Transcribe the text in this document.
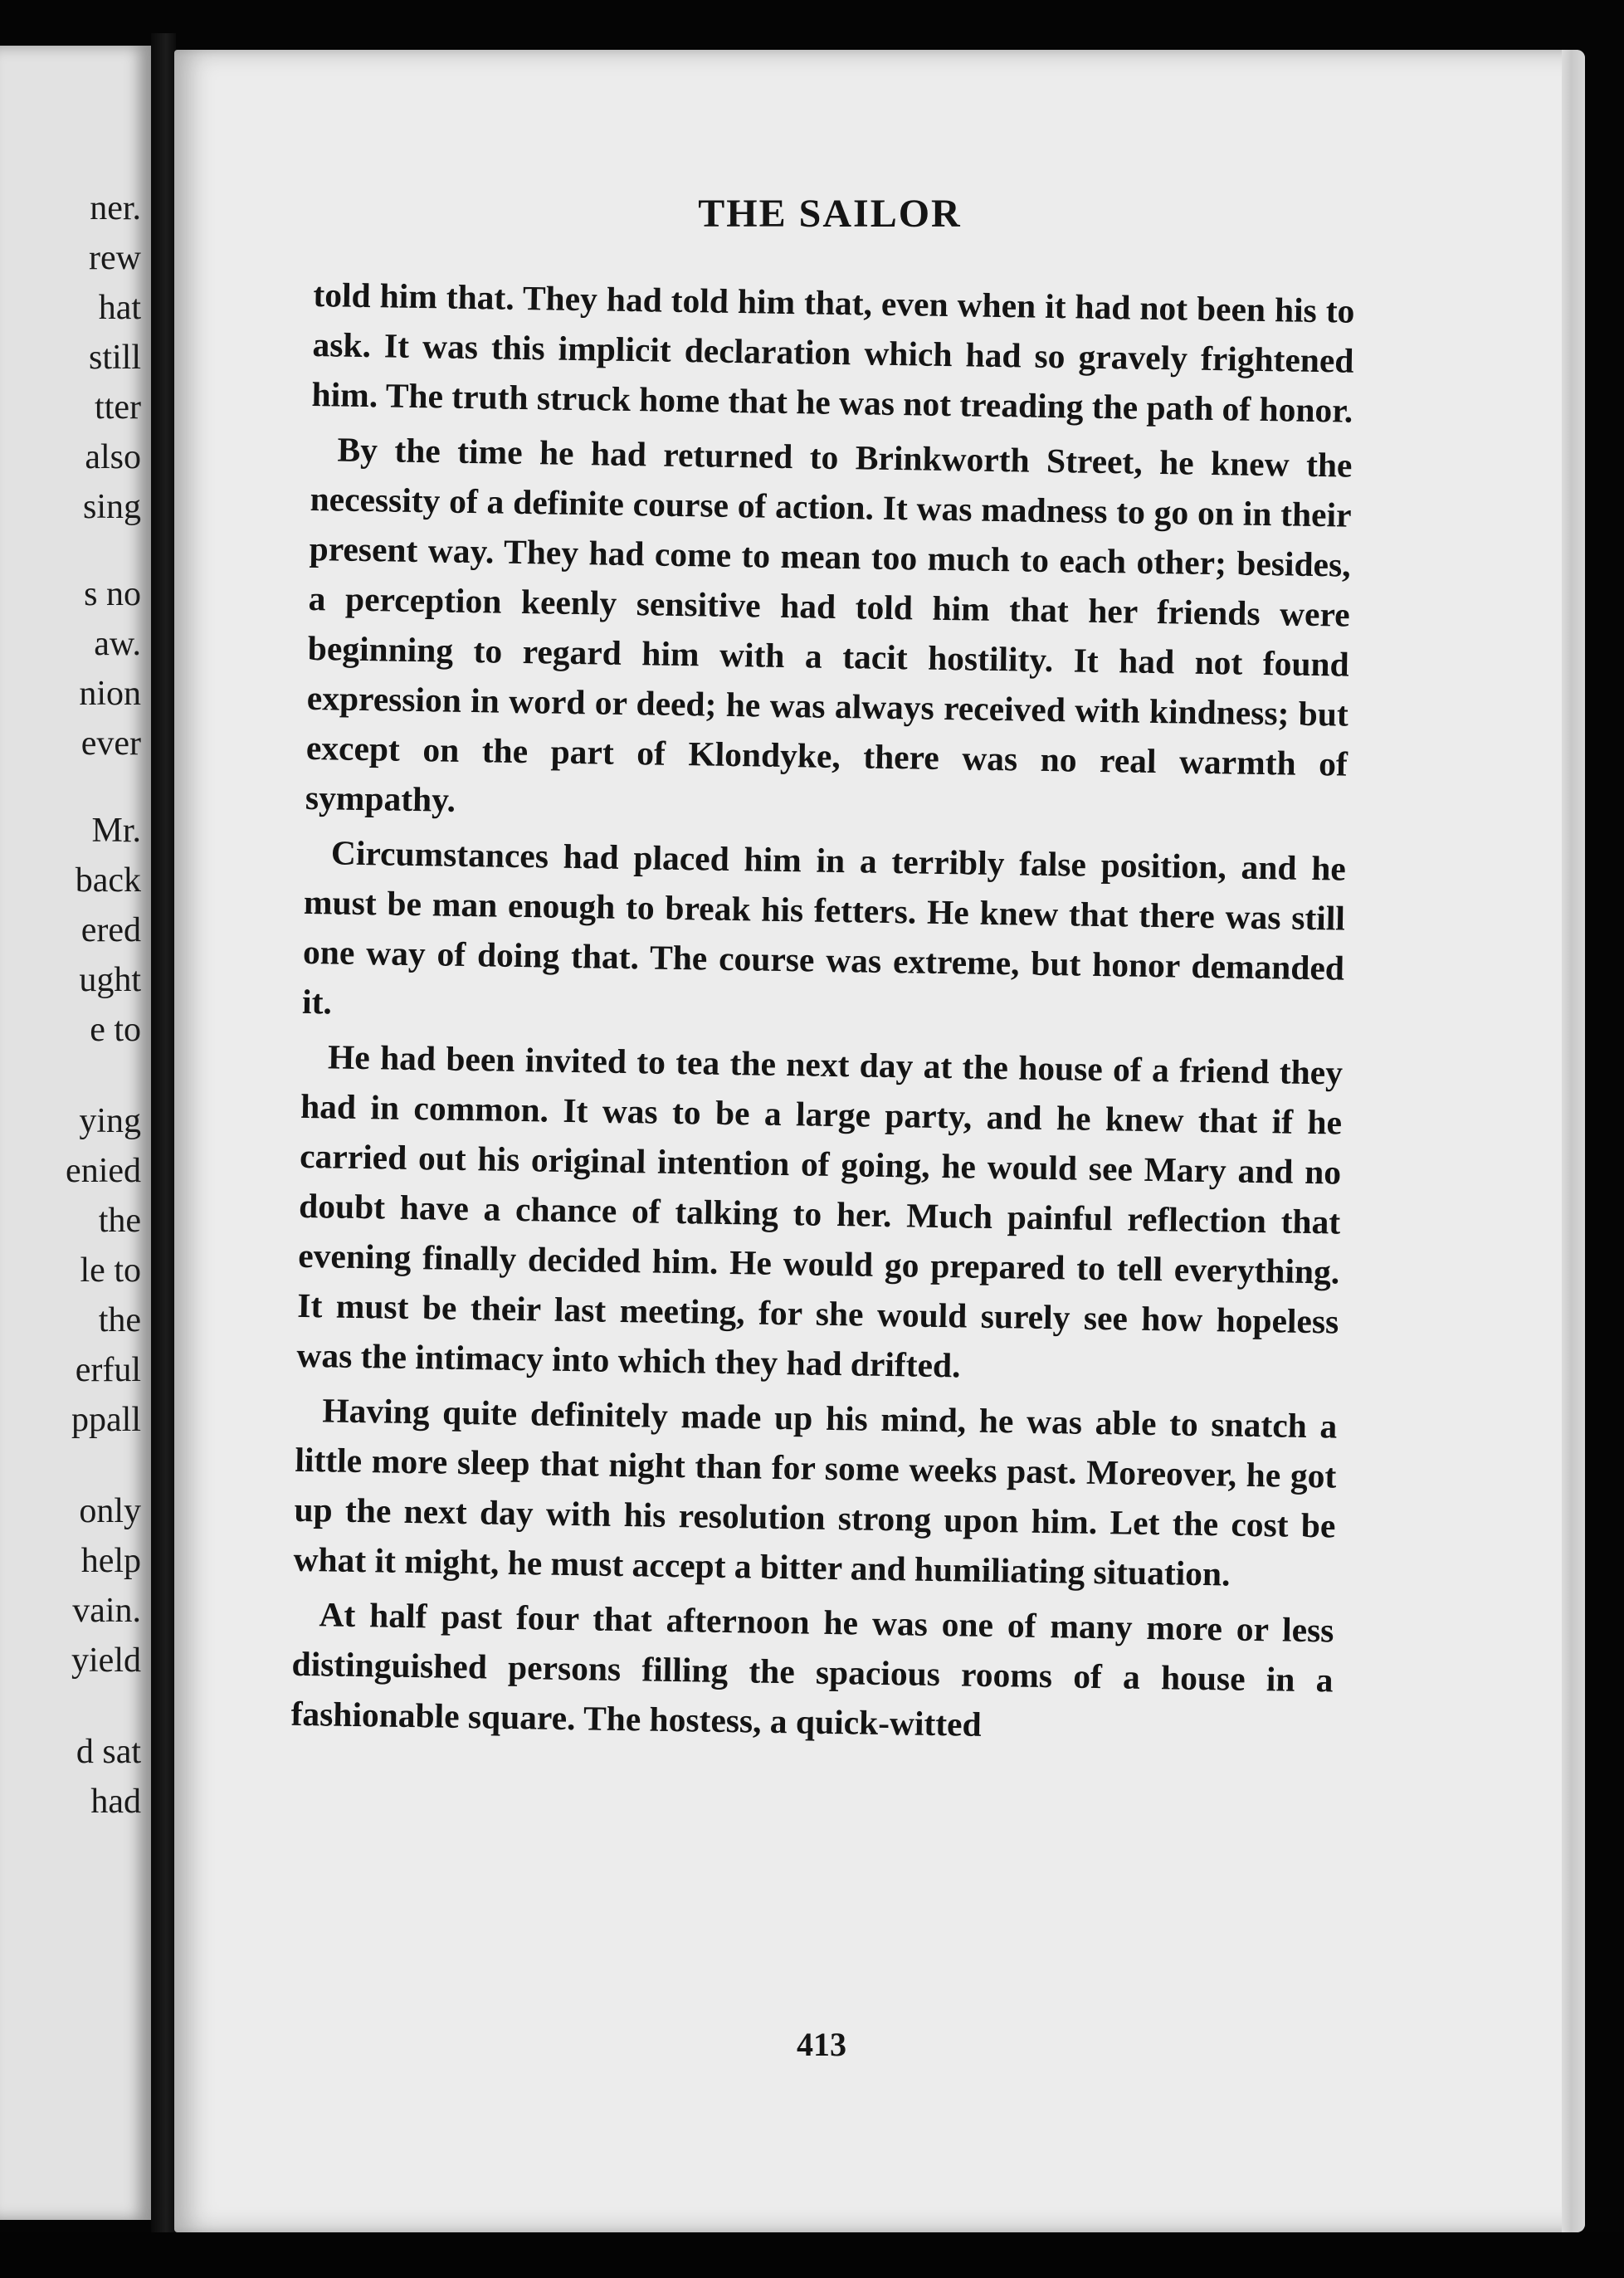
ner.
rew
hat
still
tter
also
sing
s no
aw.
nion
ever
Mr.
back
ered
ught
e to
ying
enied
the
le to
the
erful
ppall
only
help
vain.
yield
d sat
had
THE SAILOR

told him that. They had told him that, even when it had not been his to ask. It was this implicit declaration which had so gravely frightened him. The truth struck home that he was not treading the path of honor.

By the time he had returned to Brinkworth Street, he knew the necessity of a definite course of action. It was madness to go on in their present way. They had come to mean too much to each other; besides, a perception keenly sensitive had told him that her friends were beginning to regard him with a tacit hostility. It had not found expression in word or deed; he was always received with kindness; but except on the part of Klondyke, there was no real warmth of sympathy.

Circumstances had placed him in a terribly false position, and he must be man enough to break his fetters. He knew that there was still one way of doing that. The course was extreme, but honor demanded it.

He had been invited to tea the next day at the house of a friend they had in common. It was to be a large party, and he knew that if he carried out his original intention of going, he would see Mary and no doubt have a chance of talking to her. Much painful reflection that evening finally decided him. He would go prepared to tell everything. It must be their last meeting, for she would surely see how hopeless was the intimacy into which they had drifted.

Having quite definitely made up his mind, he was able to snatch a little more sleep that night than for some weeks past. Moreover, he got up the next day with his resolution strong upon him. Let the cost be what it might, he must accept a bitter and humiliating situation.

At half past four that afternoon he was one of many more or less distinguished persons filling the spacious rooms of a house in a fashionable square. The hostess, a quick-witted

413
